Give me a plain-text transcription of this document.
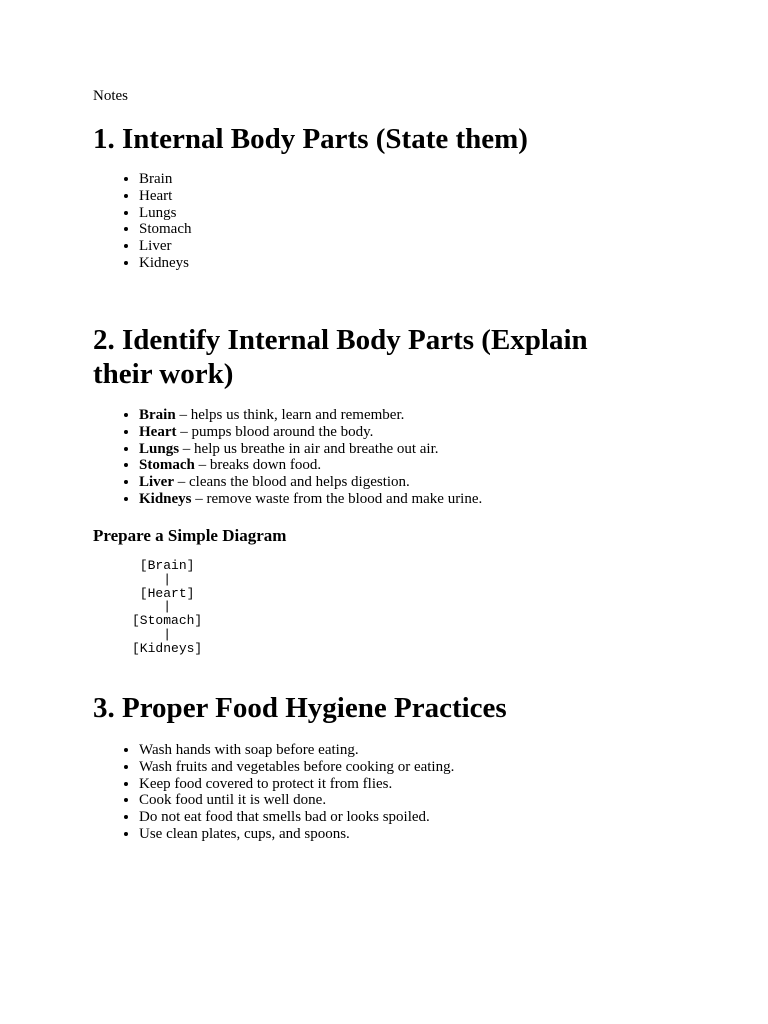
Notes

1. Internal Body Parts (State them)
• Brain
• Heart
• Lungs
• Stomach
• Liver
• Kidneys
2. Identify Internal Body Parts (Explain their work)
• Brain – helps us think, learn and remember.
• Heart – pumps blood around the body.
• Lungs – help us breathe in air and breathe out air.
• Stomach – breaks down food.
• Liver – cleans the blood and helps digestion.
• Kidneys – remove waste from the blood and make urine.
Prepare a Simple Diagram
[Brain]
|
[Heart]
|
[Stomach]
|
[Kidneys]
3. Proper Food Hygiene Practices
• Wash hands with soap before eating.
• Wash fruits and vegetables before cooking or eating.
• Keep food covered to protect it from flies.
• Cook food until it is well done.
• Do not eat food that smells bad or looks spoiled.
• Use clean plates, cups, and spoons.
